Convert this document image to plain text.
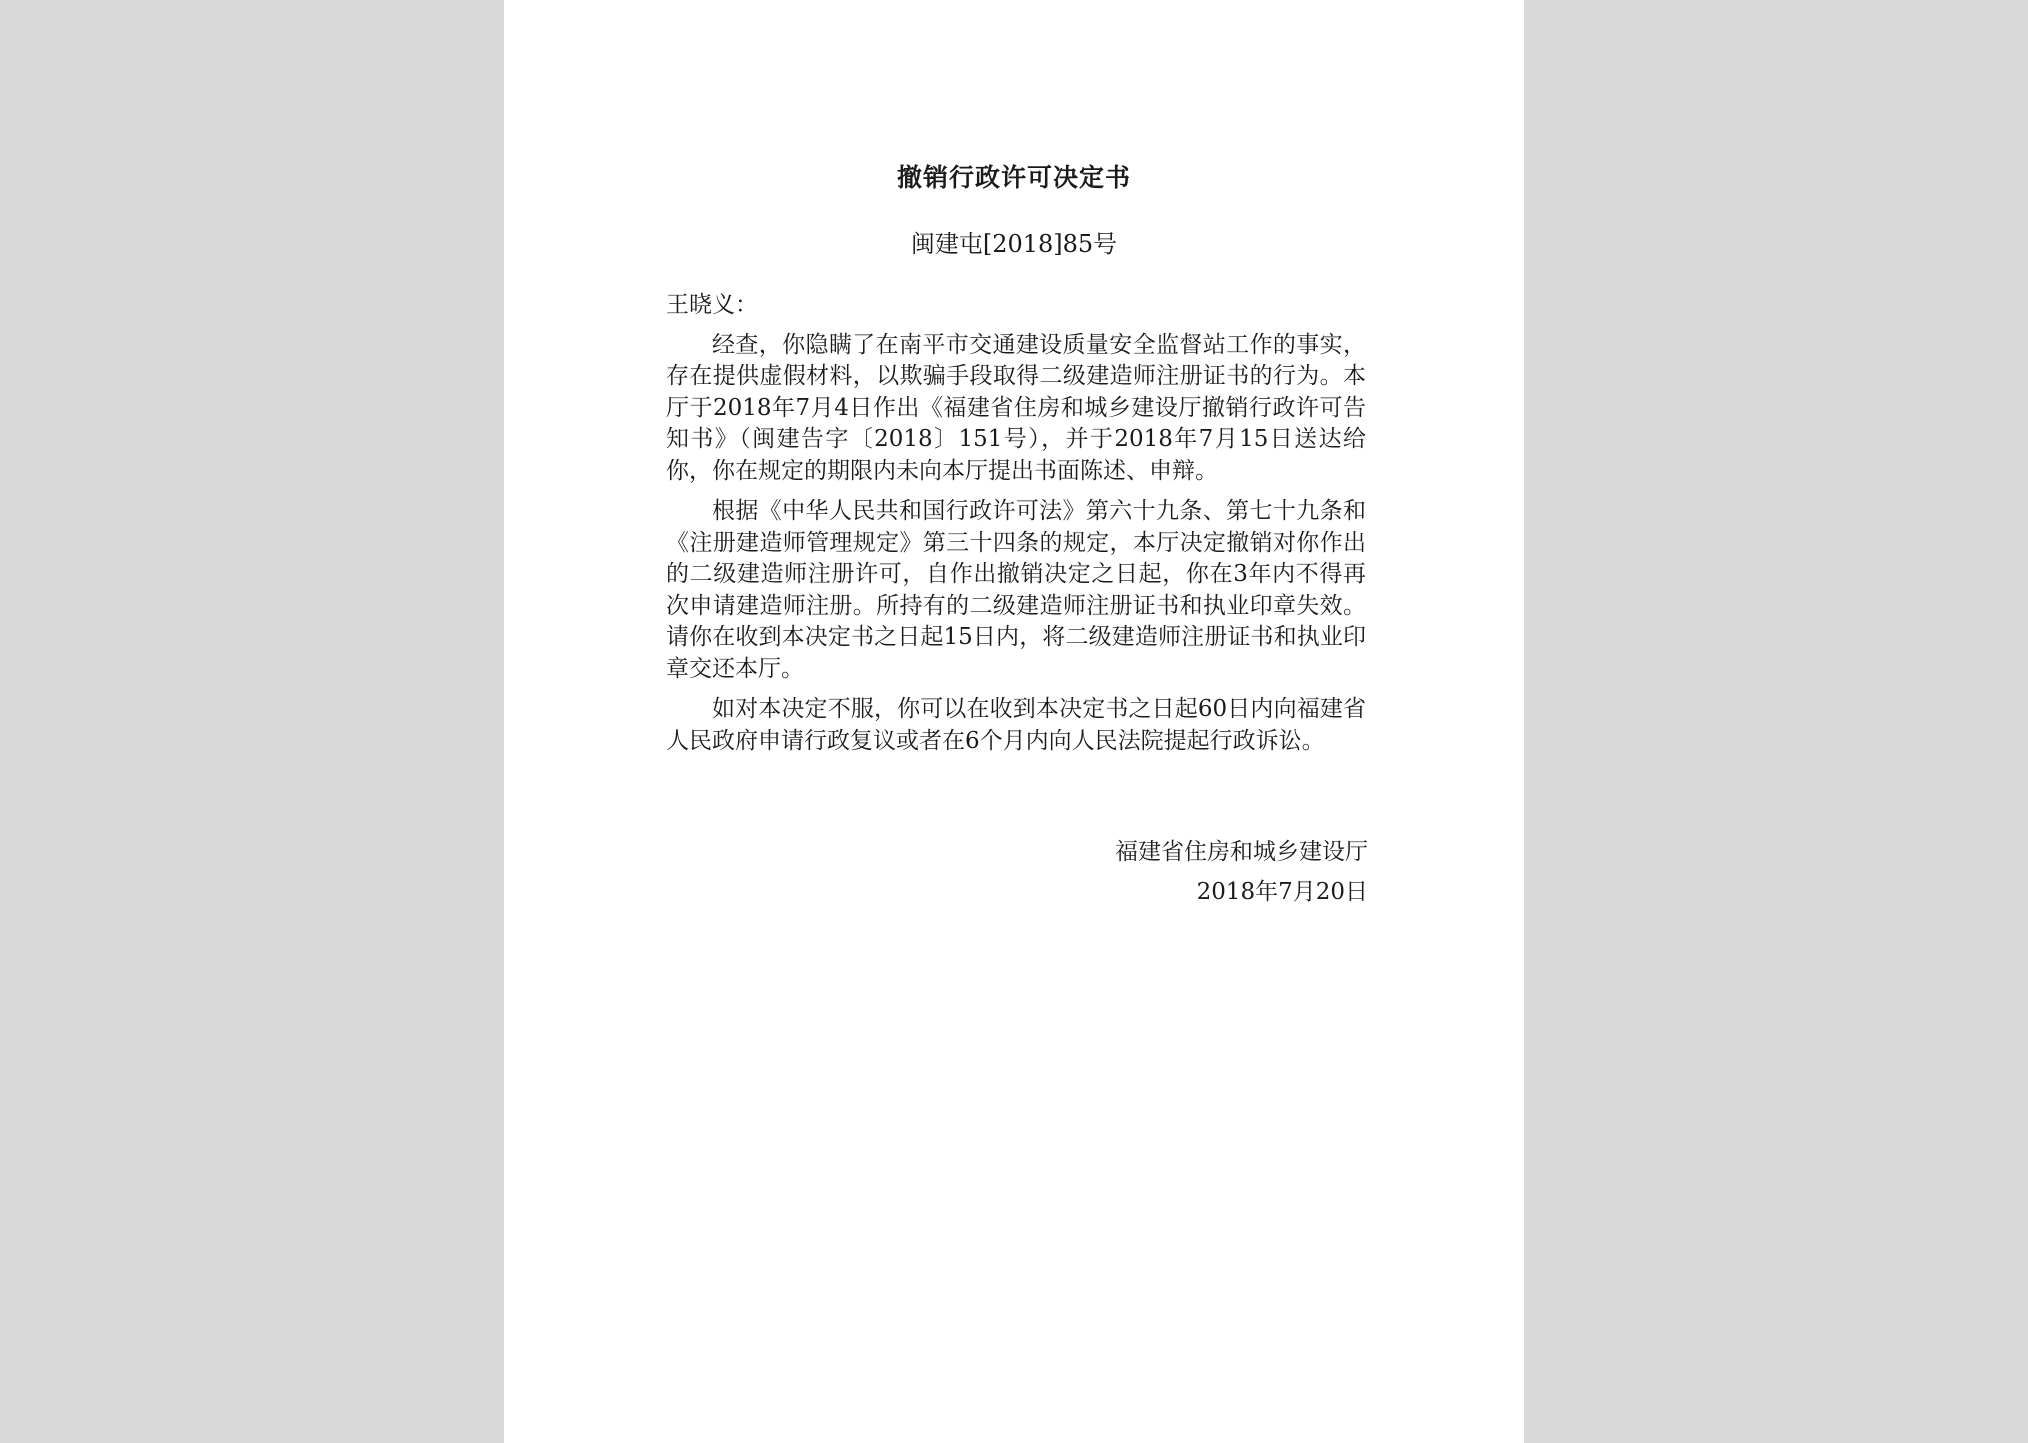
撤销行政许可决定书
闽建屯[2018]85号

王晓义：

经查，你隐瞒了在南平市交通建设质量安全监督站工作的事实，存在提供虚假材料，以欺骗手段取得二级建造师注册证书的行为。本厅于2018年7月4日作出《福建省住房和城乡建设厅撤销行政许可告知书》（闽建告字〔2018〕151号），并于2018年7月15日送达给你，你在规定的期限内未向本厅提出书面陈述、申辩。

根据《中华人民共和国行政许可法》第六十九条、第七十九条和《注册建造师管理规定》第三十四条的规定，本厅决定撤销对你作出的二级建造师注册许可，自作出撤销决定之日起，你在3年内不得再次申请建造师注册。所持有的二级建造师注册证书和执业印章失效。请你在收到本决定书之日起15日内，将二级建造师注册证书和执业印章交还本厅。

如对本决定不服，你可以在收到本决定书之日起60日内向福建省人民政府申请行政复议或者在6个月内向人民法院提起行政诉讼。

福建省住房和城乡建设厅
2018年7月20日
